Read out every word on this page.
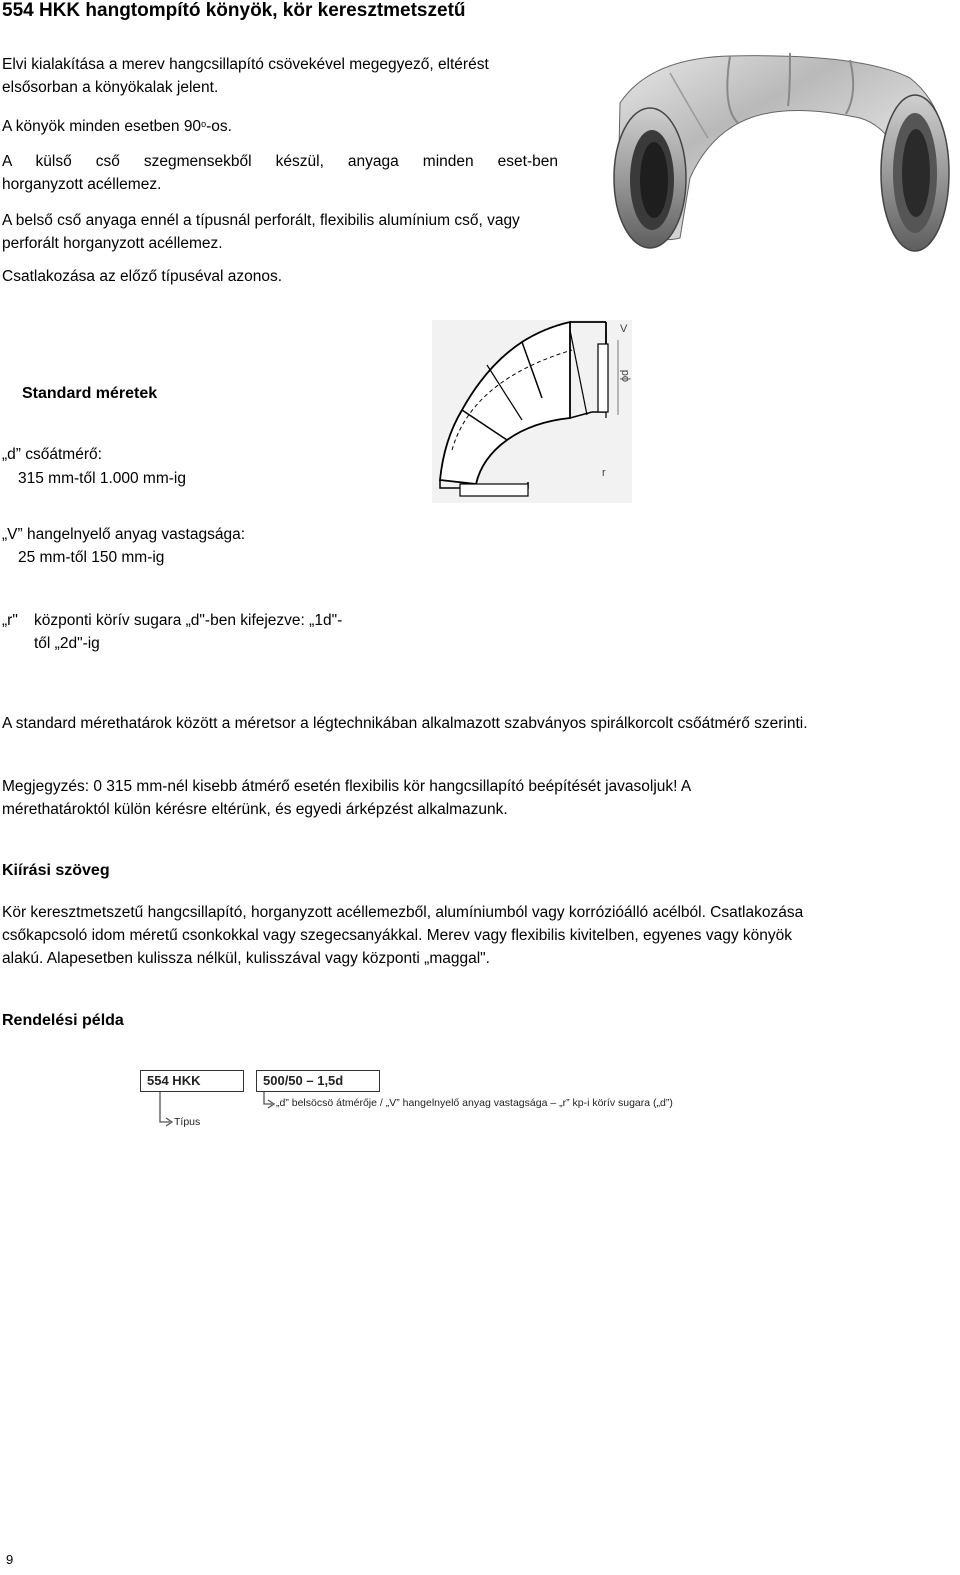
554 HKK hangtompító könyök, kör keresztmetszetű
Elvi kialakítása a merev hangcsillapító csövekével megegyező, eltérést elsősorban a könyökalak jelent.
A könyök minden esetben 90$^o$-os.
A külső cső szegmensekből készül, anyaga minden eset-ben
horganyzott acéllemez.
A belső cső anyaga ennél a típusnál perforált, flexibilis alumínium cső, vagy perforált horganyzott acéllemez.
Csatlakozása az előző típuséval azonos.
V
ϕd
r
Standard méretek
„d” csőátmérő:
315 mm-től 1.000 mm-ig
„V” hangelnyelő anyag vastagsága:
25 mm-től 150 mm-ig
„r" központi körív sugara „d"-ben kifejezve: „1d"-
től „2d"-ig
A standard mérethatárok között a méretsor a légtechnikában alkalmazott szabványos spirálkorcolt csőátmérő szerinti.
Megjegyzés: 0 315 mm-nél kisebb átmérő esetén flexibilis kör hangcsillapító beépítését javasoljuk! A mérethatároktól külön kérésre eltérünk, és egyedi árképzést alkalmazunk.
Kiírási szöveg
Kör keresztmetszetű hangcsillapító, horganyzott acéllemezből, alumíniumból vagy korrózióálló acélból. Csatlakozása csőkapcsoló idom méretű csonkokkal vagy szegecsanyákkal. Merev vagy flexibilis kivitelben, egyenes vagy könyök alakú. Alapesetben kulissza nélkül, kulisszával vagy központi „maggal".
Rendelési példa
554 HKK	500/50 – 1,5d
„d” belsöcsö átmérője / „V” hangelnyelő anyag vastagsága – „r” kp-i körív sugara („d”)
Típus
9
